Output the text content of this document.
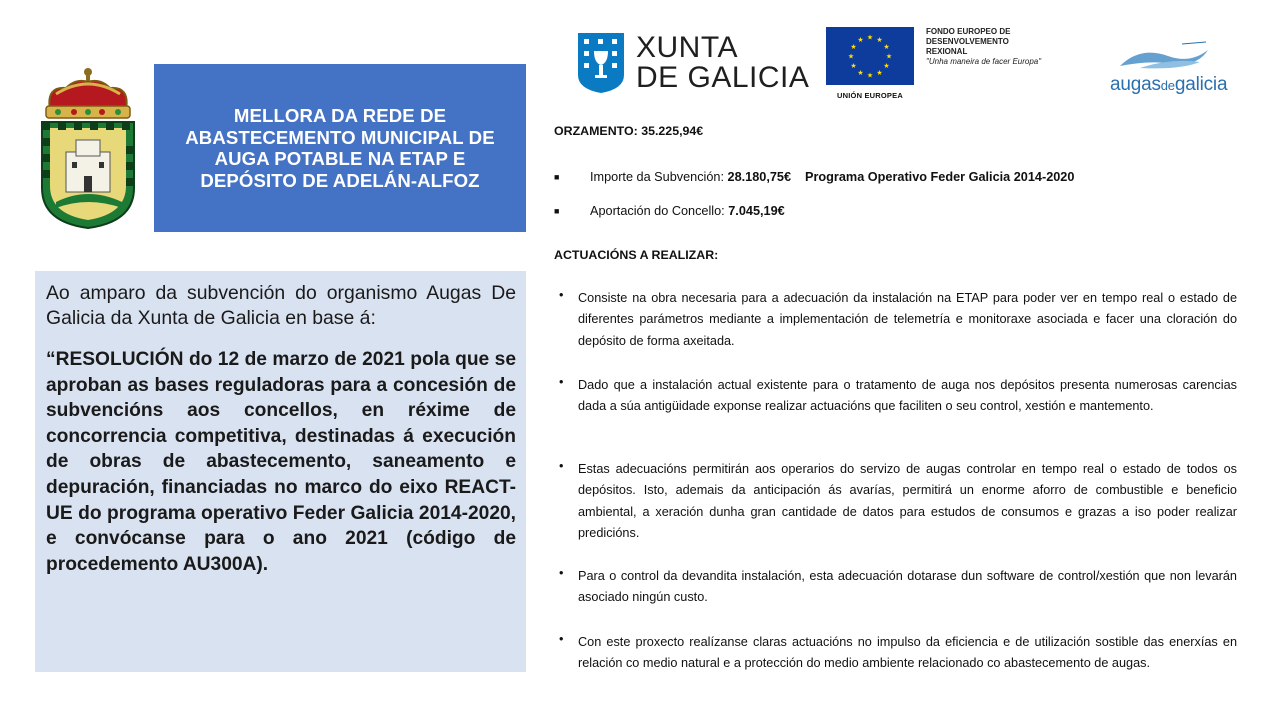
MELLORA DA REDE DE ABASTECEMENTO MUNICIPAL DE AUGA POTABLE NA ETAP E DEPÓSITO DE ADELÁN-ALFOZ

Ao amparo da subvención do organismo Augas De Galicia da Xunta de Galicia en base á:

“RESOLUCIÓN do 12 de marzo de 2021 pola que se aproban as bases reguladoras para a concesión de subvencións aos concellos, en réxime de concorrencia competitiva, destinadas á execución de obras de abastecemento, saneamento e depuración, financiadas no marco do eixo REACT-UE do programa operativo Feder Galicia 2014-2020, e convócanse para o ano 2021 (código de procedemento AU300A).

XUNTA
DE GALICIA
★
★
★
★
★
★
★
★
★ ★ ★
★
UNIÓN EUROPEA
FONDO EUROPEO DE
DESENVOLVEMENTO
REXIONAL
"Unha maneira de facer Europa"
augasdegalicia
ORZAMENTO: 35.225,94€
■ Importe da Subvención: 28.180,75€ Programa Operativo Feder Galicia 2014-2020
■ Aportación do Concello: 7.045,19€
ACTUACIÓNS A REALIZAR:
• Consiste na obra necesaria para a adecuación da instalación na ETAP para poder ver en tempo real o estado de diferentes parámetros mediante a implementación de telemetría e monitoraxe asociada e facer una cloración do depósito de forma axeitada.
• Dado que a instalación actual existente para o tratamento de auga nos depósitos presenta numerosas carencias dada a súa antigüidade exponse realizar actuacións que faciliten o seu control, xestión e mantemento.
• Estas adecuacións permitirán aos operarios do servizo de augas controlar en tempo real o estado de todos os depósitos. Isto, ademais da anticipación ás avarías, permitirá un enorme aforro de combustible e beneficio ambiental, a xeración dunha gran cantidade de datos para estudos de consumos e grazas a iso poder realizar predicións.
• Para o control da devandita instalación, esta adecuación dotarase dun software de control/xestión que non levarán asociado ningún custo.
• Con este proxecto realízanse claras actuacións no impulso da eficiencia e de utilización sostible das enerxías en relación co medio natural e a protección do medio ambiente relacionado co abastecemento de augas.
